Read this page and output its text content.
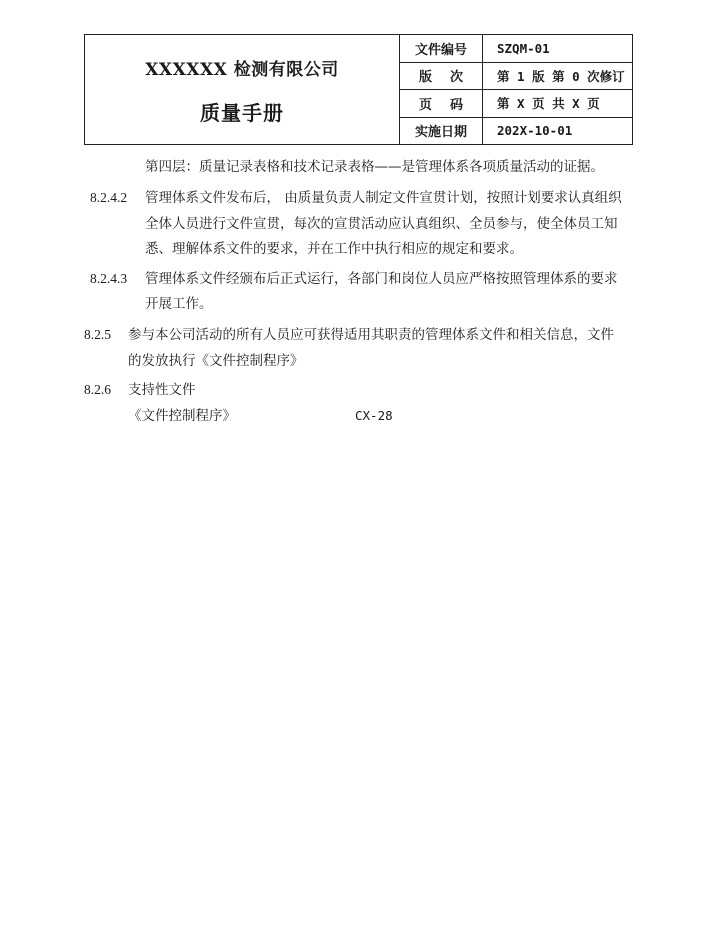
XXXXXX 检测有限公司
质量手册
文件编号	SZQM-01
版    次	第 1 版 第 0 次修订
页    码	第 X 页 共 X 页
实施日期	202X-10-01
第四层：质量记录表格和技术记录表格——是管理体系各项质量活动的证据。
8.2.4.2 管理体系文件发布后， 由质量负责人制定文件宣贯计划，按照计划要求认真组织
全体人员进行文件宣贯，每次的宣贯活动应认真组织、全员参与，使全体员工知
悉、理解体系文件的要求，并在工作中执行相应的规定和要求。
8.2.4.3 管理体系文件经颁布后正式运行，各部门和岗位人员应严格按照管理体系的要求
开展工作。
8.2.5 参与本公司活动的所有人员应可获得适用其职责的管理体系文件和相关信息，文件
的发放执行《文件控制程序》
8.2.6 支持性文件
《文件控制程序》	CX-28
